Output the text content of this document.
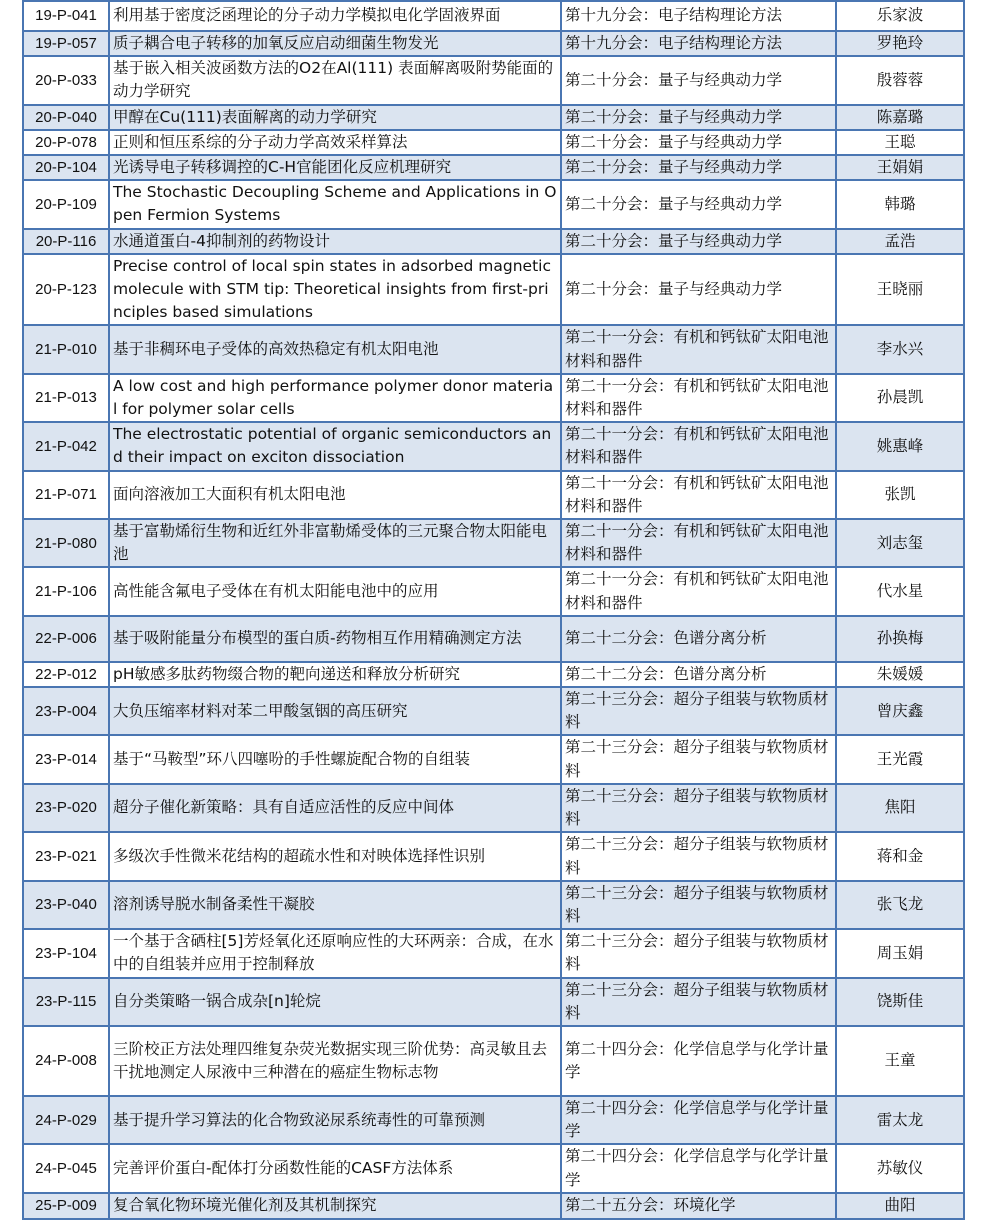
19-P-041	利用基于密度泛函理论的分子动力学模拟电化学固液界面	第十九分会：电子结构理论方法	乐家波
19-P-057	质子耦合电子转移的加氧反应启动细菌生物发光	第十九分会：电子结构理论方法	罗艳玲
20-P-033	基于嵌入相关波函数方法的O2在Al(111) 表面解离吸附势能面的动力学研究	第二十分会：量子与经典动力学	殷蓉蓉
20-P-040	甲醇在Cu(111)表面解离的动力学研究	第二十分会：量子与经典动力学	陈嘉璐
20-P-078	正则和恒压系综的分子动力学高效采样算法	第二十分会：量子与经典动力学	王聪
20-P-104	光诱导电子转移调控的C-H官能团化反应机理研究	第二十分会：量子与经典动力学	王娟娟
20-P-109	The Stochastic Decoupling Scheme and Applications in Open Fermion Systems	第二十分会：量子与经典动力学	韩璐
20-P-116	水通道蛋白-4抑制剂的药物设计	第二十分会：量子与经典动力学	孟浩
20-P-123	Precise control of local spin states in adsorbed magnetic molecule with STM tip: Theoretical insights from first-principles based simulations	第二十分会：量子与经典动力学	王晓丽
21-P-010	基于非稠环电子受体的高效热稳定有机太阳电池	第二十一分会：有机和钙钛矿太阳电池材料和器件	李水兴
21-P-013	A low cost and high performance polymer donor material for polymer solar cells	第二十一分会：有机和钙钛矿太阳电池材料和器件	孙晨凯
21-P-042	The electrostatic potential of organic semiconductors and their impact on exciton dissociation	第二十一分会：有机和钙钛矿太阳电池材料和器件	姚惠峰
21-P-071	面向溶液加工大面积有机太阳电池	第二十一分会：有机和钙钛矿太阳电池材料和器件	张凯
21-P-080	基于富勒烯衍生物和近红外非富勒烯受体的三元聚合物太阳能电池	第二十一分会：有机和钙钛矿太阳电池材料和器件	刘志玺
21-P-106	高性能含氟电子受体在有机太阳能电池中的应用	第二十一分会：有机和钙钛矿太阳电池材料和器件	代水星
22-P-006	基于吸附能量分布模型的蛋白质-药物相互作用精确测定方法	第二十二分会：色谱分离分析	孙换梅
22-P-012	pH敏感多肽药物缀合物的靶向递送和释放分析研究	第二十二分会：色谱分离分析	朱媛媛
23-P-004	大负压缩率材料对苯二甲酸氢铟的高压研究	第二十三分会：超分子组装与软物质材料	曾庆鑫
23-P-014	基于“马鞍型”环八四噻吩的手性螺旋配合物的自组装	第二十三分会：超分子组装与软物质材料	王光霞
23-P-020	超分子催化新策略：具有自适应活性的反应中间体	第二十三分会：超分子组装与软物质材料	焦阳
23-P-021	多级次手性微米花结构的超疏水性和对映体选择性识别	第二十三分会：超分子组装与软物质材料	蒋和金
23-P-040	溶剂诱导脱水制备柔性干凝胶	第二十三分会：超分子组装与软物质材料	张飞龙
23-P-104	一个基于含硒柱[5]芳烃氧化还原响应性的大环两亲：合成，在水中的自组装并应用于控制释放	第二十三分会：超分子组装与软物质材料	周玉娟
23-P-115	自分类策略一锅合成杂[n]轮烷	第二十三分会：超分子组装与软物质材料	饶斯佳
24-P-008	三阶校正方法处理四维复杂荧光数据实现三阶优势：高灵敏且去干扰地测定人尿液中三种潜在的癌症生物标志物	第二十四分会：化学信息学与化学计量学	王童
24-P-029	基于提升学习算法的化合物致泌尿系统毒性的可靠预测	第二十四分会：化学信息学与化学计量学	雷太龙
24-P-045	完善评价蛋白-配体打分函数性能的CASF方法体系	第二十四分会：化学信息学与化学计量学	苏敏仪
25-P-009	复合氧化物环境光催化剂及其机制探究	第二十五分会：环境化学	曲阳
